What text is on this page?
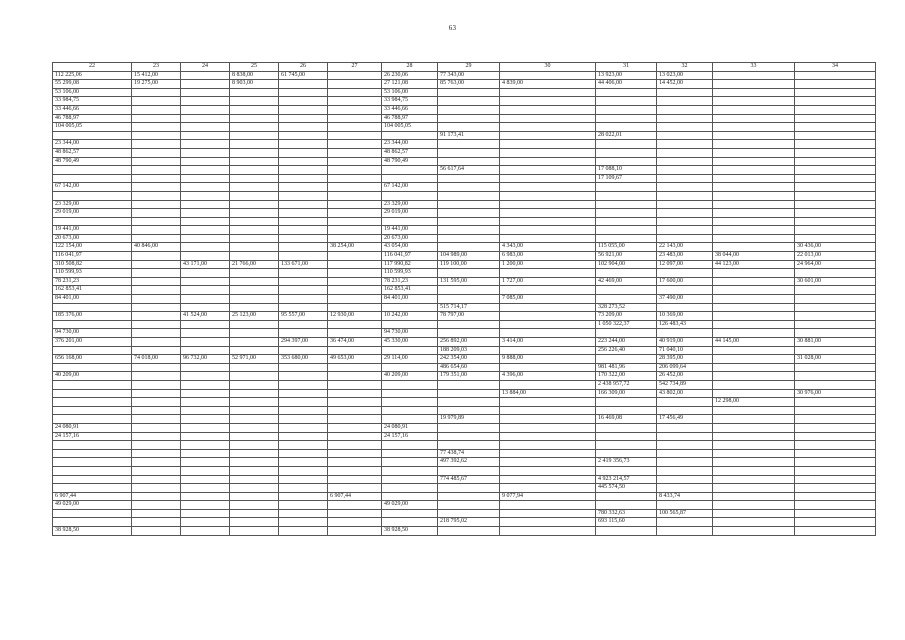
63
22	23	24	25	26	27	28	29	30	31	32	33	34
112 225,06	15 412,00		8 838,00	61 745,00		26 230,06	77 343,00		13 923,00	13 023,00		
55 299,08	19 275,00		8 903,00			27 121,08	85 763,00	4 839,00	44 406,00	14 452,00		
53 106,00						53 106,00						
33 984,75						33 984,75						
33 446,66						33 446,66						
46 788,97						46 788,97						
104 005,05						104 005,05						
							91 173,41		28 022,01			
23 344,00						23 344,00						
48 862,57						48 862,57						
48 790,49						48 790,49						
							56 617,64		17 088,10			
									17 109,67			
67 142,00						67 142,00						

23 329,00						23 329,00						
29 019,00						29 019,00						

19 441,00						19 441,00						
20 673,00						20 673,00						
122 154,00	40 846,00				38 254,00	43 054,00		4 343,00	115 055,00	22 143,00		30 436,00
116 041,97						116 041,97	104 989,00	6 983,00	56 921,00	23 483,00	38 044,00	22 013,00
310 508,82		43 171,00	21 766,00	133 671,00		117 990,82	119 100,00	1 200,00	102 904,00	12 097,00	44 123,00	24 964,00
110 599,93						110 599,93						
78 231,23						78 231,23	131 595,00	1 727,00	42 469,00	17 600,00		30 601,00
162 853,41						162 853,41						
84 401,00						84 401,00		7 085,00		37 490,00		
							515 714,17		328 273,52			
185 376,00		41 524,00	25 123,00	95 557,00	12 930,00	10 242,00	78 797,00		73 209,00	10 369,00		
									1 050 322,37	126 483,43		
94 730,00						94 730,00						
376 201,00				294 397,00	36 474,00	45 330,00	256 892,00	3 414,00	223 244,00	40 919,00	44 145,00	30 881,00
							188 209,03		256 226,40	71 040,10		
656 168,00	74 018,00	96 732,00	52 971,00	353 680,00	49 653,00	29 114,00	242 354,00	9 888,00		28 395,00		31 028,00
							486 654,60		981 481,96	206 099,64		
40 209,00						40 209,00	179 351,00	4 396,00	170 322,00	26 452,00		
									2 438 957,72	542 734,89		
								13 884,00	166 309,00	43 802,00		30 976,00
											12 298,00	

							19 979,89		16 469,08	17 456,49		
24 080,91						24 080,91						
24 157,16						24 157,16						

							77 438,74					
							497 392,62		2 419 356,73			

							774 485,67		4 923 214,57			
									445 574,50			
6 907,44					6 907,44			9 077,94		8 433,74		
49 029,00						49 029,00						
									780 332,63	100 565,87		
							218 795,02		693 115,60			
38 928,50						38 928,50						
